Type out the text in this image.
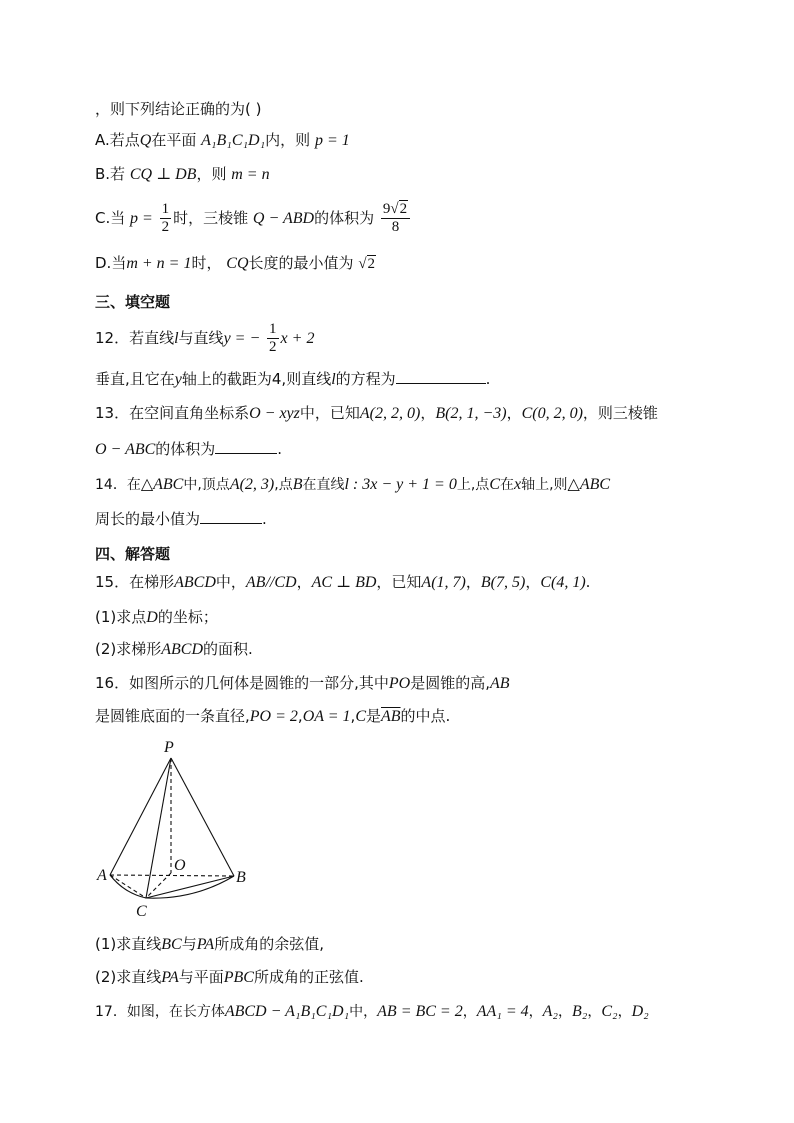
，则下列结论正确的为( )
A.若点Q在平面 A₁B₁C₁D₁内，则 p = 1
B.若 CQ ⊥ DB，则 m = n
C.当 $p = \frac{1}{2}$ 时，三棱锥 Q − ABD的体积为 $\frac{9√2}{8}$
D.当m + n = 1时， CQ长度的最小值为 √2
三、填空题
12．若直线l与直线y = − $\frac{1}{2}$ x + 2
垂直,且它在y轴上的截距为4,则直线l的方程为	.
13．在空间直角坐标系O − xyz中，已知A(2, 2, 0)，B(2, 1, −3)，C(0, 2, 0)，则三棱锥
O − ABC的体积为	.
14．在△ABC中,顶点A(2, 3),点B在直线l : 3x − y + 1 = 0上,点C在x轴上,则△ABC
周长的最小值为	.
四、解答题
15．在梯形ABCD中，AB//CD，AC ⊥ BD，已知A(1, 7)，B(7, 5)，C(4, 1).
(1)求点D的坐标；
(2)求梯形ABCD的面积.
16．如图所示的几何体是圆锥的一部分,其中PO是圆锥的高,AB
是圆锥底面的一条直径,PO = 2,OA = 1,C是$\overline{AB}$的中点.
P
A
O
B
C
(1)求直线BC与PA所成角的余弦值,
(2)求直线PA与平面PBC所成角的正弦值.
17．如图，在长方体ABCD − A₁B₁C₁D₁中，AB = BC = 2，AA₁ = 4，A₂，B₂，C₂，D₂
